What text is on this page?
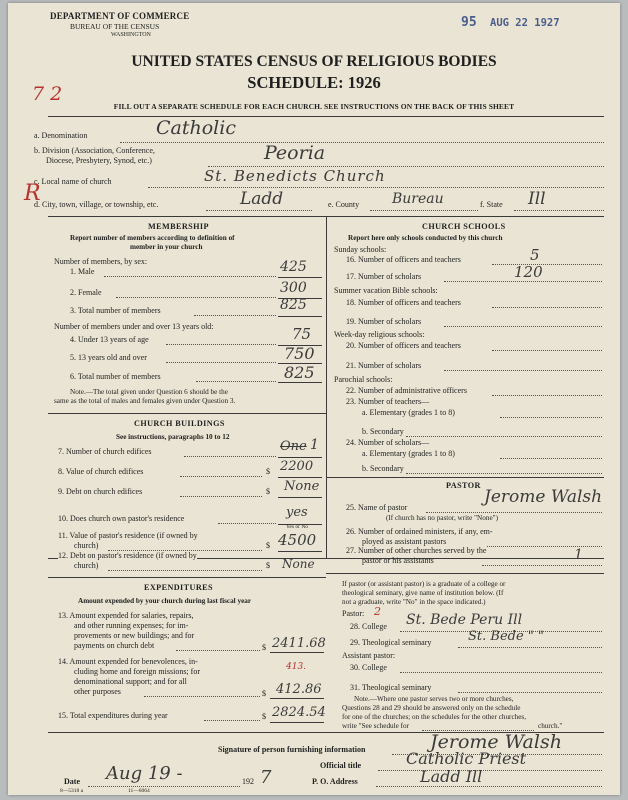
DEPARTMENT OF COMMERCE
BUREAU OF THE CENSUS
WASHINGTON
95 AUG 22 1927
UNITED STATES CENSUS OF RELIGIOUS BODIES
SCHEDULE: 1926
7 2
FILL OUT A SEPARATE SCHEDULE FOR EACH CHURCH. SEE INSTRUCTIONS ON THE BACK OF THIS SHEET
a. Denomination	Catholic
b. Division (Association, Conference,
Diocese, Presbytery, Synod, etc.)	Peoria
c. Local name of church	St. Benedicts Church
R
d. City, town, village, or township, etc.	Ladd	e. County Bureau	f. State Ill
MEMBERSHIP
Report number of members according to definition of
member in your church
Number of members, by sex:
1. Male	425
2. Female	300
3. Total number of members	825
Number of members under and over 13 years old:
4. Under 13 years of age	75
5. 13 years old and over	750
6. Total number of members	825
Note.—The total given under Question 6 should be the
same as the total of males and females given under Question 3.
CHURCH BUILDINGS
See instructions, paragraphs 10 to 12
7. Number of church edifices	One 1
8. Value of church edifices	$ 2200
9. Debt on church edifices	$ None
10. Does church own pastor's residence	yes
Yes or No
11. Value of pastor's residence (if owned by
church)	$ 4500
12. Debt on pastor's residence (if owned by
church)	$ None
EXPENDITURES
Amount expended by your church during last fiscal year
13. Amount expended for salaries, repairs,
and other running expenses; for im-
provements or new buildings; and for
payments on church debt	$ 2411.68
14. Amount expended for benevolences, in-
cluding home and foreign missions; for
denominational support; and for all
other purposes
413.
$ 412.86
15. Total expenditures during year	$ 2824.54
CHURCH SCHOOLS
Report here only schools conducted by this church
Sunday schools:
16. Number of officers and teachers	5
17. Number of scholars	120
Summer vacation Bible schools:
18. Number of officers and teachers
19. Number of scholars
Week-day religious schools:
20. Number of officers and teachers
21. Number of scholars
Parochial schools:
22. Number of administrative officers
23. Number of teachers—
a. Elementary (grades 1 to 8)
b. Secondary
24. Number of scholars—
a. Elementary (grades 1 to 8)
b. Secondary
PASTOR
25. Name of pastor
Jerome Walsh
(If church has no pastor, write "None")
26. Number of ordained ministers, if any, em-
ployed as assistant pastors
27. Number of other churches served by the
pastor or his assistants	1
If pastor (or assistant pastor) is a graduate of a college or
theological seminary, give name of institution below. (If
not a graduate, write "No" in the space indicated.)
Pastor: 2
28. College St. Bede Peru Ill
29. Theological seminary	St. Bede " "
Assistant pastor:
30. College
31. Theological seminary
Note.—Where one pastor serves two or more churches,
Questions 28 and 29 should be answered only on the schedule
for one of the churches; on the schedules for the other churches,
write "See schedule for	church."
Signature of person furnishing information	Jerome Walsh
Official title	Catholic Priest
Date Aug 19 -	192 7	P. O. Address	Ladd Ill
8—5318 a	11—6064
